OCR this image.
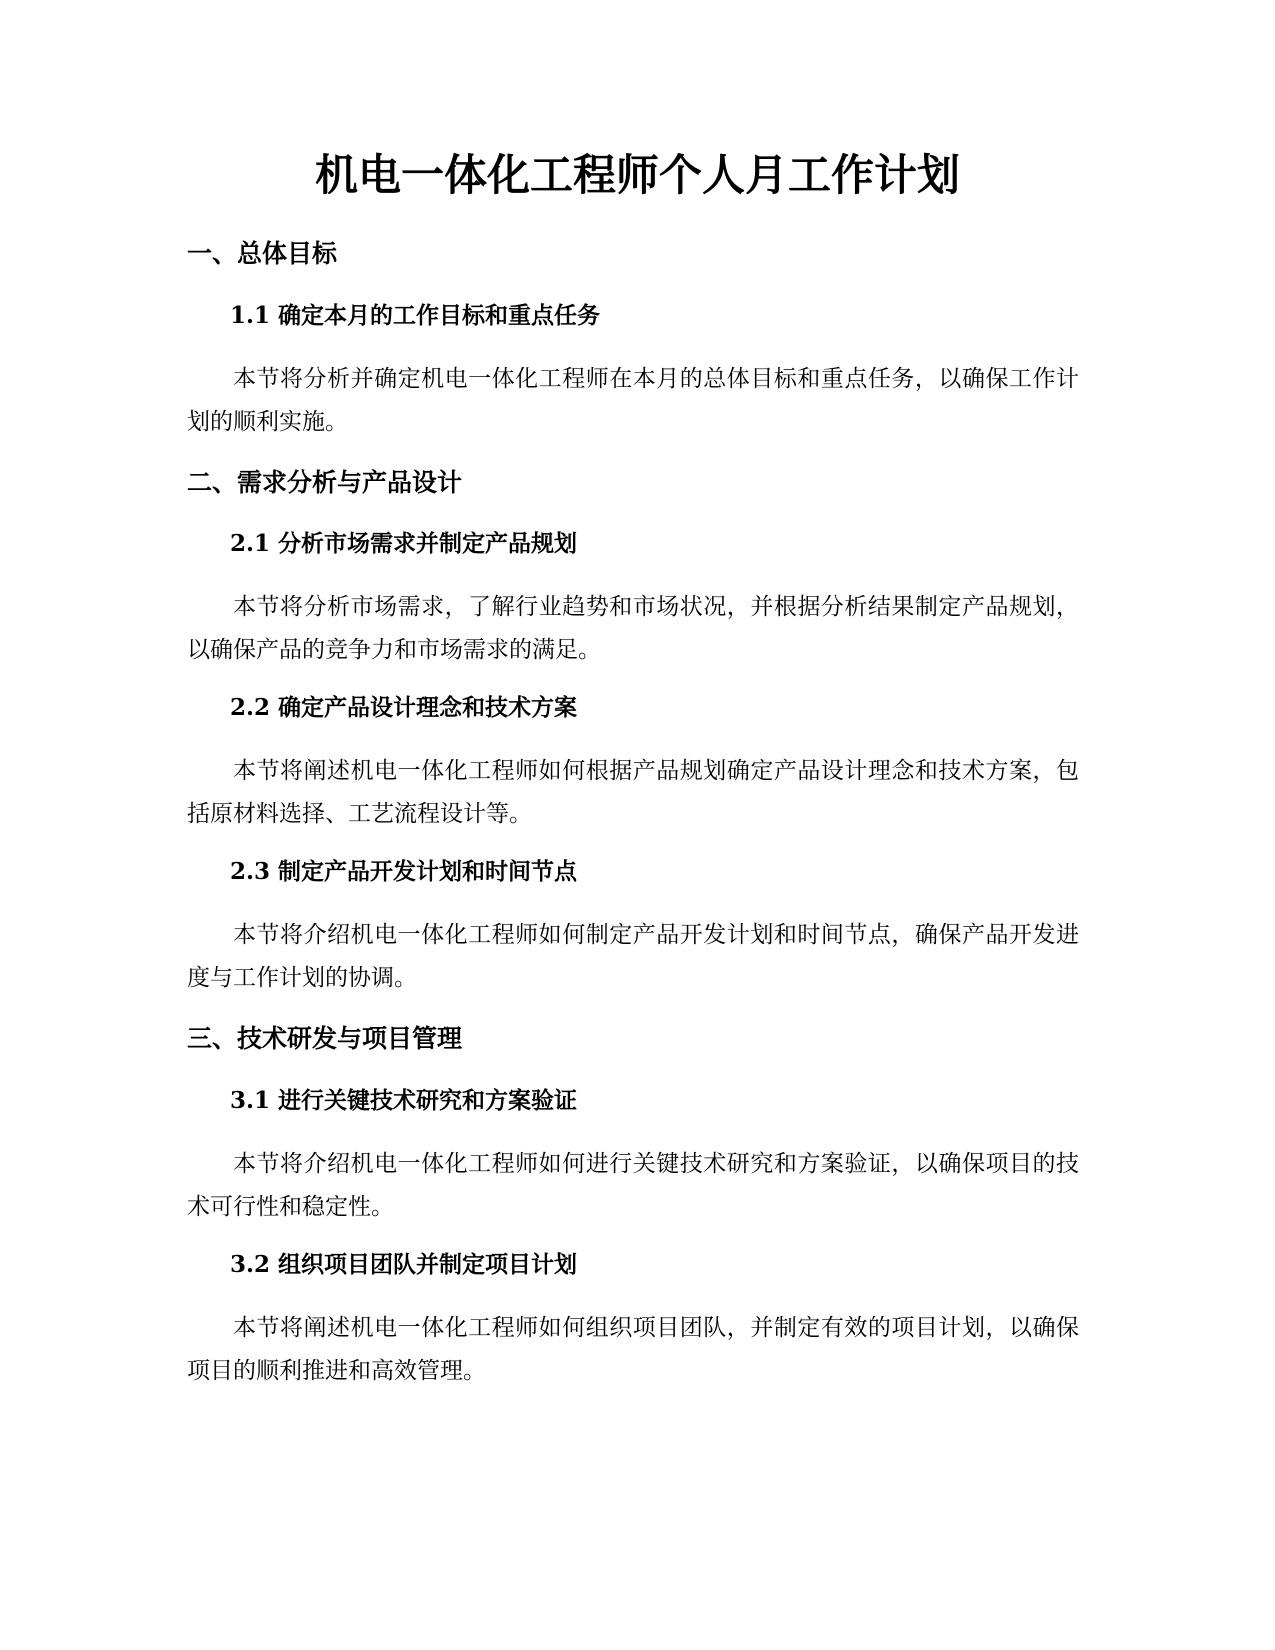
机电一体化工程师个人月工作计划
一、总体目标
1.1 确定本月的工作目标和重点任务

本节将分析并确定机电一体化工程师在本月的总体目标和重点任务，以确保工作计划的顺利实施。

二、需求分析与产品设计
2.1 分析市场需求并制定产品规划

本节将分析市场需求，了解行业趋势和市场状况，并根据分析结果制定产品规划，以确保产品的竞争力和市场需求的满足。

2.2 确定产品设计理念和技术方案

本节将阐述机电一体化工程师如何根据产品规划确定产品设计理念和技术方案，包括原材料选择、工艺流程设计等。

2.3 制定产品开发计划和时间节点

本节将介绍机电一体化工程师如何制定产品开发计划和时间节点，确保产品开发进度与工作计划的协调。

三、技术研发与项目管理
3.1 进行关键技术研究和方案验证

本节将介绍机电一体化工程师如何进行关键技术研究和方案验证，以确保项目的技术可行性和稳定性。

3.2 组织项目团队并制定项目计划

本节将阐述机电一体化工程师如何组织项目团队，并制定有效的项目计划，以确保项目的顺利推进和高效管理。
